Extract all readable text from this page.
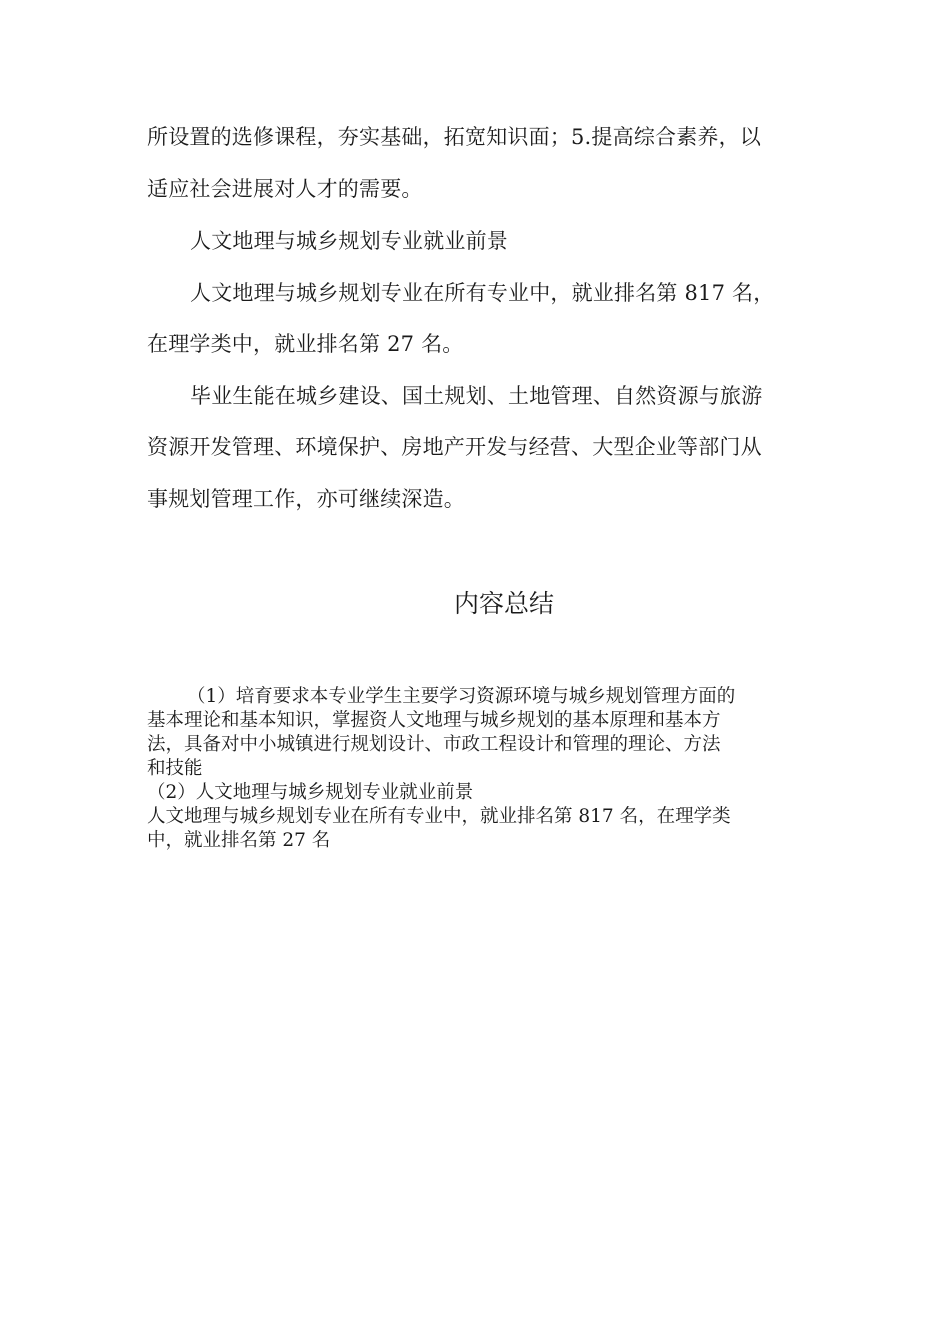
所设置的选修课程，夯实基础，拓宽知识面；5.提高综合素养，以
适应社会进展对人才的需要。
人文地理与城乡规划专业就业前景
人文地理与城乡规划专业在所有专业中，就业排名第 817 名，
在理学类中，就业排名第 27 名。
毕业生能在城乡建设、国土规划、土地管理、自然资源与旅游
资源开发管理、环境保护、房地产开发与经营、大型企业等部门从
事规划管理工作，亦可继续深造。
内容总结
（1）培育要求本专业学生主要学习资源环境与城乡规划管理方面的
基本理论和基本知识，掌握资人文地理与城乡规划的基本原理和基本方
法，具备对中小城镇进行规划设计、市政工程设计和管理的理论、方法
和技能
（2）人文地理与城乡规划专业就业前景
人文地理与城乡规划专业在所有专业中，就业排名第 817 名，在理学类
中，就业排名第 27 名
